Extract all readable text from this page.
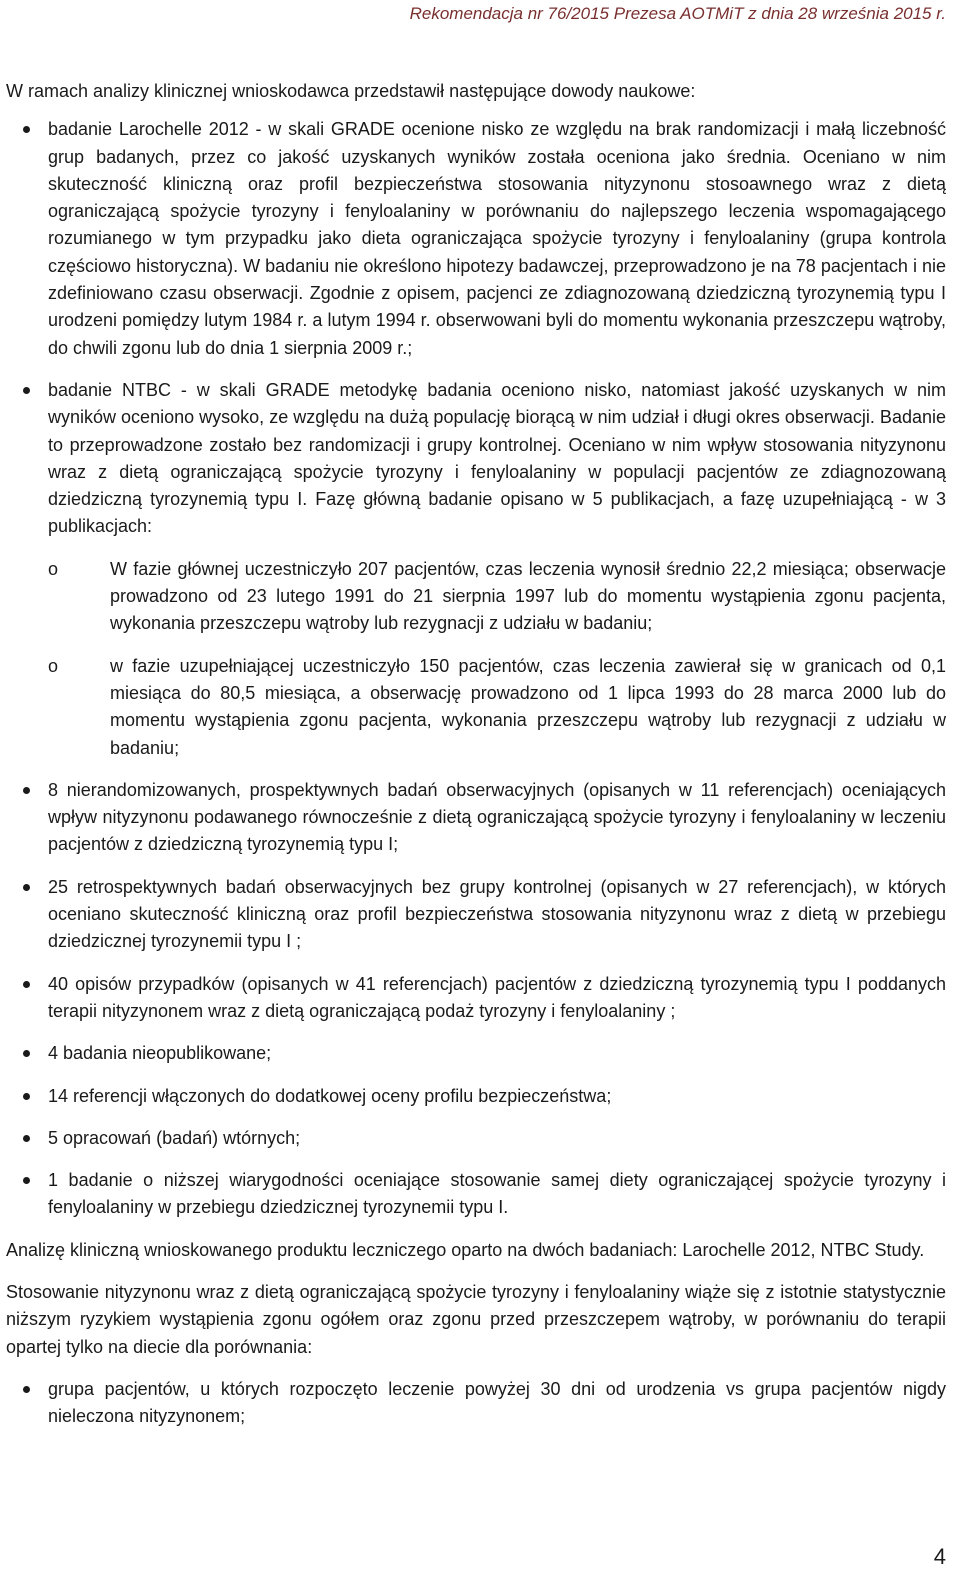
Rekomendacja nr 76/2015 Prezesa AOTMiT z dnia 28 września 2015 r.

W ramach analizy klinicznej wnioskodawca przedstawił następujące dowody naukowe:

badanie Larochelle 2012 - w skali GRADE ocenione nisko ze względu na brak randomizacji i małą liczebność grup badanych, przez co jakość uzyskanych wyników została oceniona jako średnia. Oceniano w nim skuteczność kliniczną oraz profil bezpieczeństwa stosowania nityzynonu stosoawnego wraz z dietą ograniczającą spożycie tyrozyny i fenyloalaniny w porównaniu do najlepszego leczenia wspomagającego rozumianego w tym przypadku jako dieta ograniczająca spożycie tyrozyny i fenyloalaniny (grupa kontrola częściowo historyczna). W badaniu nie określono hipotezy badawczej, przeprowadzono je na 78 pacjentach i nie zdefiniowano czasu obserwacji. Zgodnie z opisem, pacjenci ze zdiagnozowaną dziedziczną tyrozynemią typu I urodzeni pomiędzy lutym 1984 r. a lutym 1994 r. obserwowani byli do momentu wykonania przeszczepu wątroby, do chwili zgonu lub do dnia 1 sierpnia 2009 r.;
badanie NTBC - w skali GRADE metodykę badania oceniono nisko, natomiast jakość uzyskanych w nim wyników oceniono wysoko, ze względu na dużą populację biorącą w nim udział i długi okres obserwacji. Badanie to przeprowadzone zostało bez randomizacji i grupy kontrolnej. Oceniano w nim wpływ stosowania nityzynonu wraz z dietą ograniczającą spożycie tyrozyny i fenyloalaniny w populacji pacjentów ze zdiagnozowaną dziedziczną tyrozynemią typu I. Fazę główną badanie opisano w 5 publikacjach, a fazę uzupełniającą - w 3 publikacjach:
o	W fazie głównej uczestniczyło 207 pacjentów, czas leczenia wynosił średnio 22,2 miesiąca; obserwacje prowadzono od 23 lutego 1991 do 21 sierpnia 1997 lub do momentu wystąpienia zgonu pacjenta, wykonania przeszczepu wątroby lub rezygnacji z udziału w badaniu;
o	w fazie uzupełniającej uczestniczyło 150 pacjentów, czas leczenia zawierał się w granicach od 0,1 miesiąca do 80,5 miesiąca, a obserwację prowadzono od 1 lipca 1993 do 28 marca 2000 lub do momentu wystąpienia zgonu pacjenta, wykonania przeszczepu wątroby lub rezygnacji z udziału w badaniu;
8 nierandomizowanych, prospektywnych badań obserwacyjnych (opisanych w 11 referencjach) oceniających wpływ nityzynonu podawanego równocześnie z dietą ograniczającą spożycie tyrozyny i fenyloalaniny w leczeniu pacjentów z dziedziczną tyrozynemią typu I;
25 retrospektywnych badań obserwacyjnych bez grupy kontrolnej (opisanych w 27 referencjach), w których oceniano skuteczność kliniczną oraz profil bezpieczeństwa stosowania nityzynonu wraz z dietą w przebiegu dziedzicznej tyrozynemii typu I ;
40 opisów przypadków (opisanych w 41 referencjach) pacjentów z dziedziczną tyrozynemią typu I poddanych terapii nityzynonem wraz z dietą ograniczającą podaż tyrozyny i fenyloalaniny ;
4 badania nieopublikowane;
14 referencji włączonych do dodatkowej oceny profilu bezpieczeństwa;
5 opracowań (badań) wtórnych;
1 badanie o niższej wiarygodności oceniające stosowanie samej diety ograniczającej spożycie tyrozyny i fenyloalaniny w przebiegu dziedzicznej tyrozynemii typu I.

Analizę kliniczną wnioskowanego produktu leczniczego oparto na dwóch badaniach: Larochelle 2012, NTBC Study.

Stosowanie nityzynonu wraz z dietą ograniczającą spożycie tyrozyny i fenyloalaniny wiąże się z istotnie statystycznie niższym ryzykiem wystąpienia zgonu ogółem oraz zgonu przed przeszczepem wątroby, w porównaniu do terapii opartej tylko na diecie dla porównania:

grupa pacjentów, u których rozpoczęto leczenie powyżej 30 dni od urodzenia vs grupa pacjentów nigdy nieleczona nityzynonem;
4
